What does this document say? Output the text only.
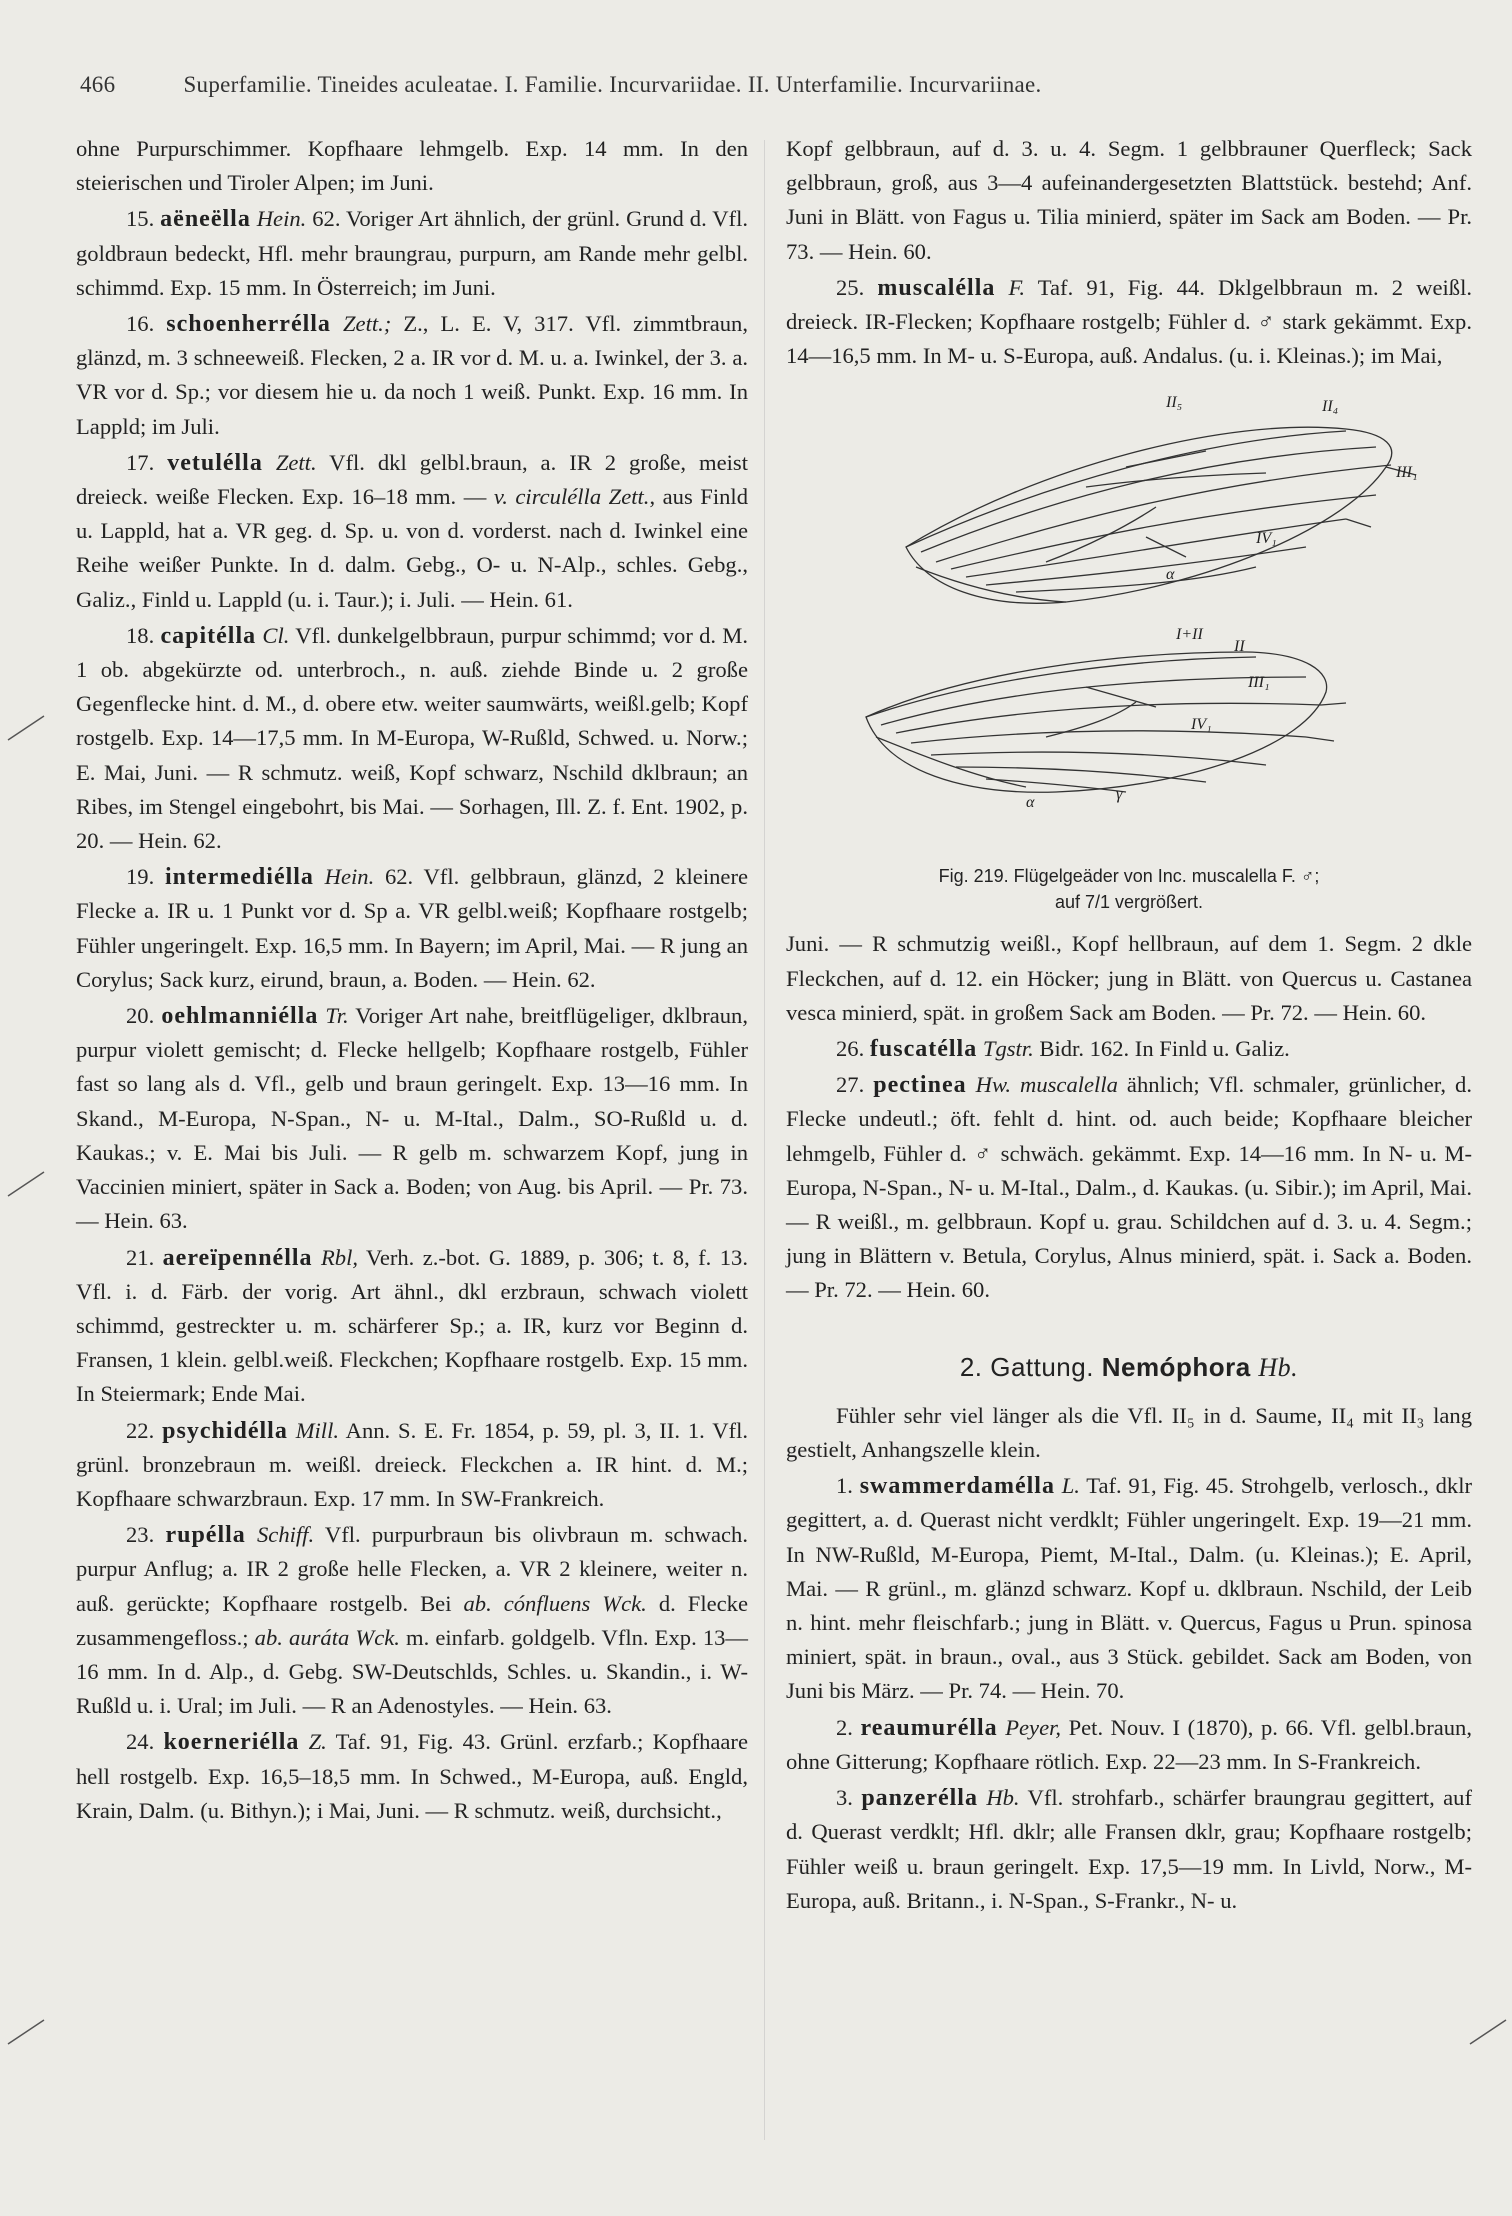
466	Superfamilie. Tineides aculeatae. I. Familie. Incurvariidae. II. Unterfamilie. Incurvariinae.

ohne Purpurschimmer. Kopfhaare lehmgelb. Exp. 14 mm. In den steierischen und Tiroler Alpen; im Juni.

15. aëneëlla Hein. 62. Voriger Art ähnlich, der grünl. Grund d. Vfl. goldbraun bedeckt, Hfl. mehr braungrau, purpurn, am Rande mehr gelbl. schimmd. Exp. 15 mm. In Österreich; im Juni.

16. schoenherrélla Zett.; Z., L. E. V, 317. Vfl. zimmtbraun, glänzd, m. 3 schneeweiß. Flecken, 2 a. IR vor d. M. u. a. Iwinkel, der 3. a. VR vor d. Sp.; vor diesem hie u. da noch 1 weiß. Punkt. Exp. 16 mm. In Lappld; im Juli.

17. vetulélla Zett. Vfl. dkl gelbl.braun, a. IR 2 große, meist dreieck. weiße Flecken. Exp. 16–18 mm. — v. circulélla Zett., aus Finld u. Lappld, hat a. VR geg. d. Sp. u. von d. vorderst. nach d. Iwinkel eine Reihe weißer Punkte. In d. dalm. Gebg., O- u. N-Alp., schles. Gebg., Galiz., Finld u. Lappld (u. i. Taur.); i. Juli. — Hein. 61.

18. capitélla Cl. Vfl. dunkelgelbbraun, purpur schimmd; vor d. M. 1 ob. abgekürzte od. unterbroch., n. auß. ziehde Binde u. 2 große Gegenflecke hint. d. M., d. obere etw. weiter saumwärts, weißl.gelb; Kopf rostgelb. Exp. 14—17,5 mm. In M-Europa, W-Rußld, Schwed. u. Norw.; E. Mai, Juni. — R schmutz. weiß, Kopf schwarz, Nschild dklbraun; an Ribes, im Stengel eingebohrt, bis Mai. — Sorhagen, Ill. Z. f. Ent. 1902, p. 20. — Hein. 62.

19. intermediélla Hein. 62. Vfl. gelbbraun, glänzd, 2 kleinere Flecke a. IR u. 1 Punkt vor d. Sp a. VR gelbl.weiß; Kopfhaare rostgelb; Fühler ungeringelt. Exp. 16,5 mm. In Bayern; im April, Mai. — R jung an Corylus; Sack kurz, eirund, braun, a. Boden. — Hein. 62.

20. oehlmanniélla Tr. Voriger Art nahe, breitflügeliger, dklbraun, purpur violett gemischt; d. Flecke hellgelb; Kopfhaare rostgelb, Fühler fast so lang als d. Vfl., gelb und braun geringelt. Exp. 13—16 mm. In Skand., M-Europa, N-Span., N- u. M-Ital., Dalm., SO-Rußld u. d. Kaukas.; v. E. Mai bis Juli. — R gelb m. schwarzem Kopf, jung in Vaccinien miniert, später in Sack a. Boden; von Aug. bis April. — Pr. 73. — Hein. 63.

21. aereïpennélla Rbl, Verh. z.-bot. G. 1889, p. 306; t. 8, f. 13. Vfl. i. d. Färb. der vorig. Art ähnl., dkl erzbraun, schwach violett schimmd, gestreckter u. m. schärferer Sp.; a. IR, kurz vor Beginn d. Fransen, 1 klein. gelbl.weiß. Fleckchen; Kopfhaare rostgelb. Exp. 15 mm. In Steiermark; Ende Mai.

22. psychidélla Mill. Ann. S. E. Fr. 1854, p. 59, pl. 3, II. 1. Vfl. grünl. bronzebraun m. weißl. dreieck. Fleckchen a. IR hint. d. M.; Kopfhaare schwarzbraun. Exp. 17 mm. In SW-Frankreich.

23. rupélla Schiff. Vfl. purpurbraun bis olivbraun m. schwach. purpur Anflug; a. IR 2 große helle Flecken, a. VR 2 kleinere, weiter n. auß. gerückte; Kopfhaare rostgelb. Bei ab. cónfluens Wck. d. Flecke zusammengefloss.; ab. auráta Wck. m. einfarb. goldgelb. Vfln. Exp. 13—16 mm. In d. Alp., d. Gebg. SW-Deutschlds, Schles. u. Skandin., i. W-Rußld u. i. Ural; im Juli. — R an Adenostyles. — Hein. 63.

24. koerneriélla Z. Taf. 91, Fig. 43. Grünl. erzfarb.; Kopfhaare hell rostgelb. Exp. 16,5–18,5 mm. In Schwed., M-Europa, auß. Engld, Krain, Dalm. (u. Bithyn.); i Mai, Juni. — R schmutz. weiß, durchsicht.,

Kopf gelbbraun, auf d. 3. u. 4. Segm. 1 gelbbrauner Querfleck; Sack gelbbraun, groß, aus 3—4 aufeinandergesetzten Blattstück. bestehd; Anf. Juni in Blätt. von Fagus u. Tilia minierd, später im Sack am Boden. — Pr. 73. — Hein. 60.

25. muscalélla F. Taf. 91, Fig. 44. Dklgelbbraun m. 2 weißl. dreieck. IR-Flecken; Kopfhaare rostgelb; Fühler d. ♂ stark gekämmt. Exp. 14—16,5 mm. In M- u. S-Europa, auß. Andalus. (u. i. Kleinas.); im Mai,

II₅	II₄
III₁
IV₁
α
I+II
II
III₁
IV₁
α	γ
Fig. 219. Flügelgeäder von Inc. muscalella F. ♂;
auf 7/1 vergrößert.

Juni. — R schmutzig weißl., Kopf hellbraun, auf dem 1. Segm. 2 dkle Fleckchen, auf d. 12. ein Höcker; jung in Blätt. von Quercus u. Castanea vesca minierd, spät. in großem Sack am Boden. — Pr. 72. — Hein. 60.

26. fuscatélla Tgstr. Bidr. 162. In Finld u. Galiz.

27. pectinea Hw. muscalella ähnlich; Vfl. schmaler, grünlicher, d. Flecke undeutl.; öft. fehlt d. hint. od. auch beide; Kopfhaare bleicher lehmgelb, Fühler d. ♂ schwäch. gekämmt. Exp. 14—16 mm. In N- u. M-Europa, N-Span., N- u. M-Ital., Dalm., d. Kaukas. (u. Sibir.); im April, Mai. — R weißl., m. gelbbraun. Kopf u. grau. Schildchen auf d. 3. u. 4. Segm.; jung in Blättern v. Betula, Corylus, Alnus minierd, spät. i. Sack a. Boden. — Pr. 72. — Hein. 60.

2. Gattung. Nemóphora Hb.

Fühler sehr viel länger als die Vfl. II₅ in d. Saume, II₄ mit II₃ lang gestielt, Anhangszelle klein.

1. swammerdamélla L. Taf. 91, Fig. 45. Strohgelb, verlosch., dklr gegittert, a. d. Querast nicht verdklt; Fühler ungeringelt. Exp. 19—21 mm. In NW-Rußld, M-Europa, Piemt, M-Ital., Dalm. (u. Kleinas.); E. April, Mai. — R grünl., m. glänzd schwarz. Kopf u. dklbraun. Nschild, der Leib n. hint. mehr fleischfarb.; jung in Blätt. v. Quercus, Fagus u Prun. spinosa miniert, spät. in braun., oval., aus 3 Stück. gebildet. Sack am Boden, von Juni bis März. — Pr. 74. — Hein. 70.

2. reaumurélla Peyer, Pet. Nouv. I (1870), p. 66. Vfl. gelbl.braun, ohne Gitterung; Kopfhaare rötlich. Exp. 22—23 mm. In S-Frankreich.

3. panzerélla Hb. Vfl. strohfarb., schärfer braungrau gegittert, auf d. Querast verdklt; Hfl. dklr; alle Fransen dklr, grau; Kopfhaare rostgelb; Fühler weiß u. braun geringelt. Exp. 17,5—19 mm. In Livld, Norw., M-Europa, auß. Britann., i. N-Span., S-Frankr., N- u.
